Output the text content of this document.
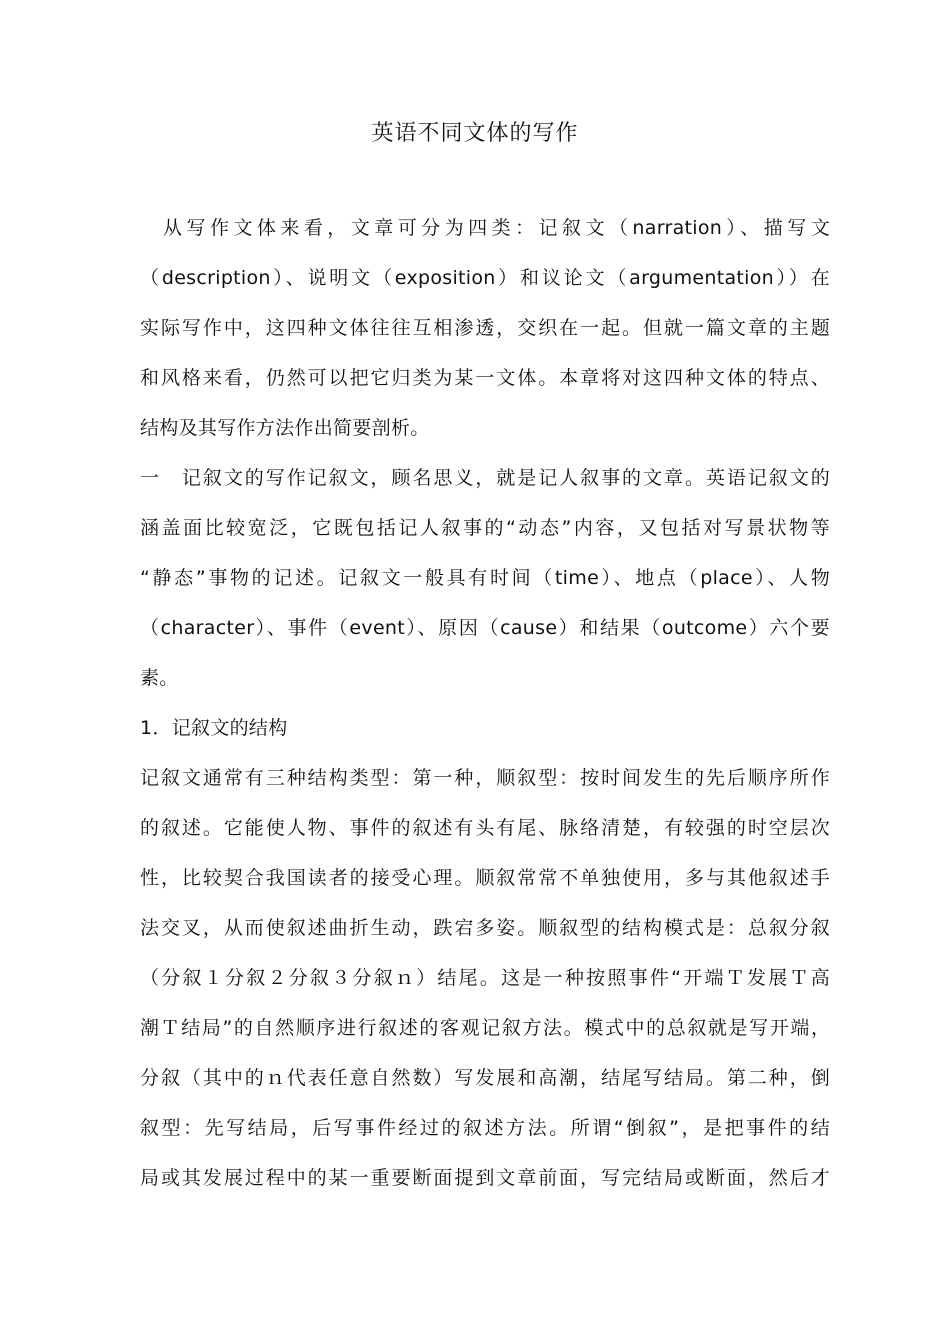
英语不同文体的写作
从写作文体来看，文章可分为四类：记叙文（narration）、描写文
（description）、说明文（exposition）和议论文（argumentation））在
实际写作中，这四种文体往往互相渗透，交织在一起。但就一篇文章的主题
和风格来看，仍然可以把它归类为某一文体。本章将对这四种文体的特点、
结构及其写作方法作出简要剖析。
一　记叙文的写作记叙文，顾名思义，就是记人叙事的文章。英语记叙文的
涵盖面比较宽泛，它既包括记人叙事的“动态”内容，又包括对写景状物等
“静态”事物的记述。记叙文一般具有时间（time）、地点（place）、人物
（character）、事件（event）、原因（cause）和结果（outcome）六个要
素。
1．记叙文的结构
记叙文通常有三种结构类型：第一种，顺叙型：按时间发生的先后顺序所作
的叙述。它能使人物、事件的叙述有头有尾、脉络清楚，有较强的时空层次
性，比较契合我国读者的接受心理。顺叙常常不单独使用，多与其他叙述手
法交叉，从而使叙述曲折生动，跌宕多姿。顺叙型的结构模式是：总叙分叙
（分叙１分叙２分叙３分叙ｎ）结尾。这是一种按照事件“开端Ｔ发展Ｔ高
潮Ｔ结局”的自然顺序进行叙述的客观记叙方法。模式中的总叙就是写开端，
分叙（其中的ｎ代表任意自然数）写发展和高潮，结尾写结局。第二种，倒
叙型：先写结局，后写事件经过的叙述方法。所谓“倒叙”，是把事件的结
局或其发展过程中的某一重要断面提到文章前面，写完结局或断面，然后才
